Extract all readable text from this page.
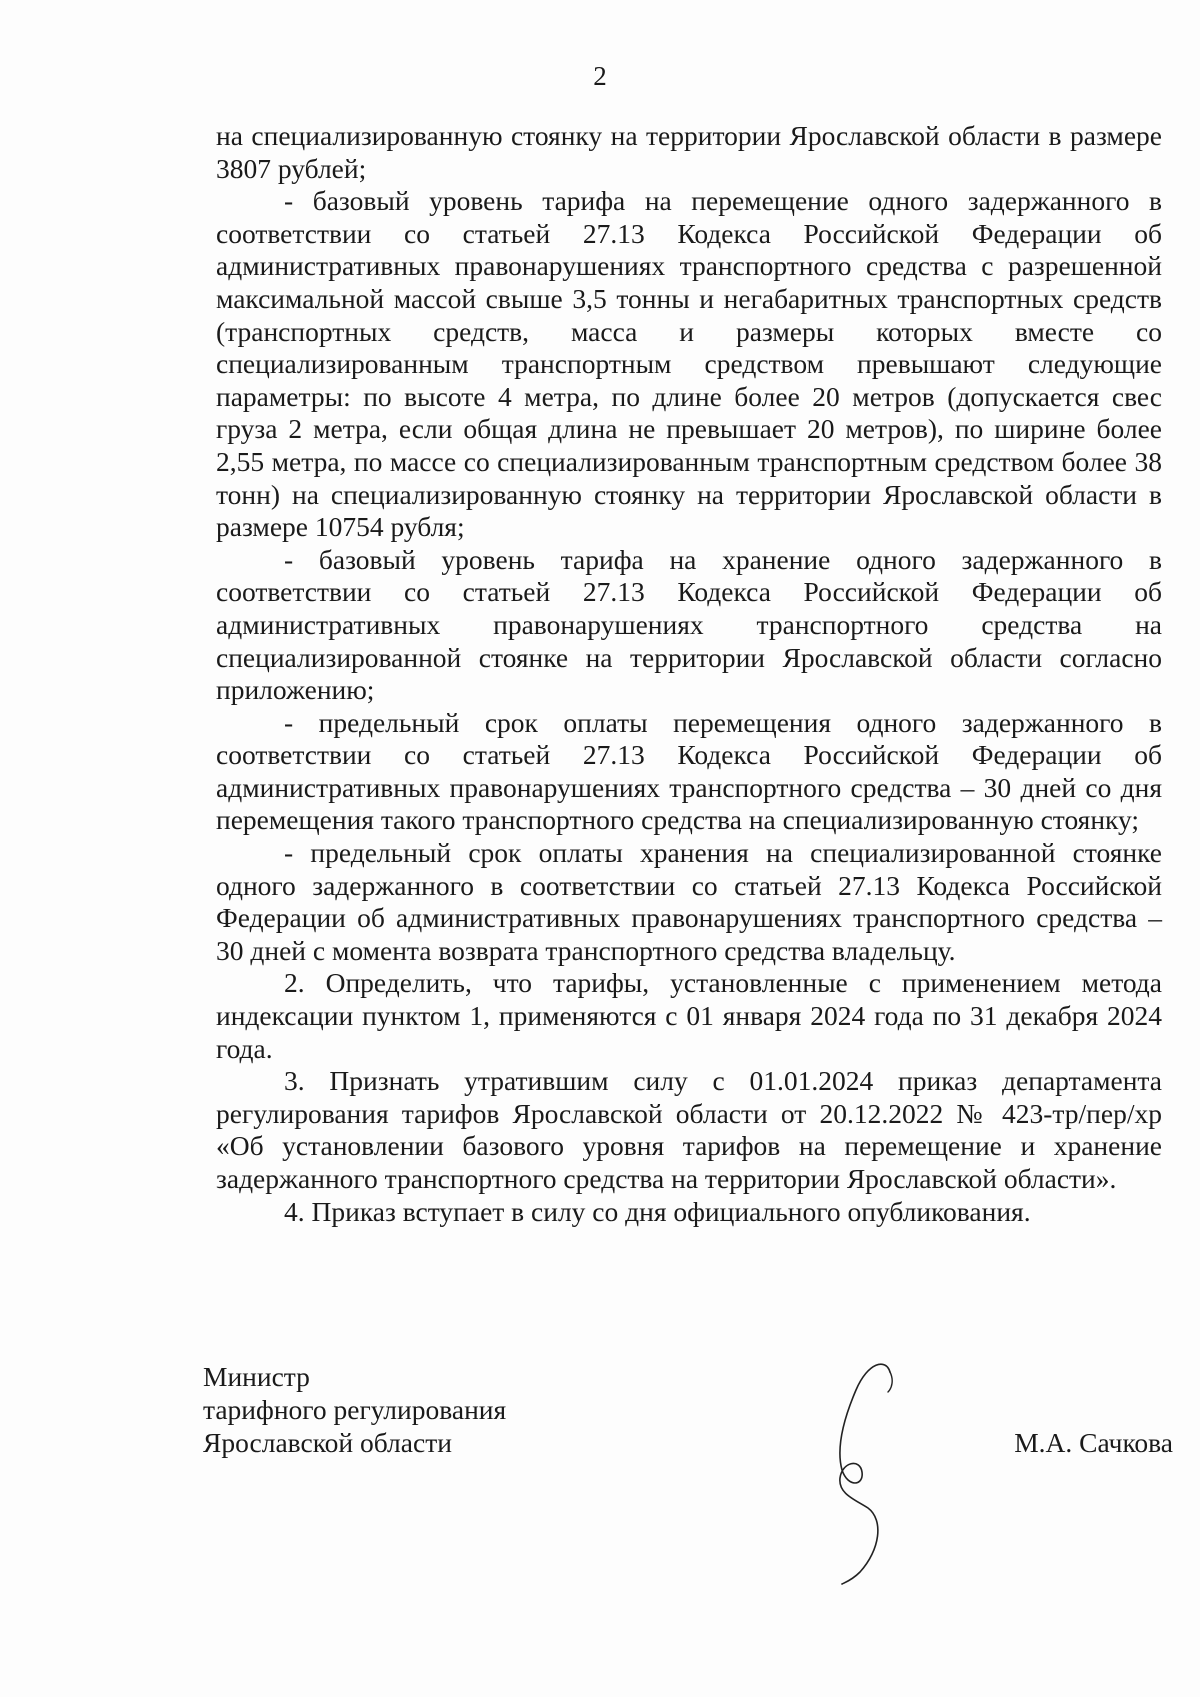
2

на специализированную стоянку на территории Ярославской области в размере 3807 рублей;

- базовый уровень тарифа на перемещение одного задержанного в соответствии со статьей 27.13 Кодекса Российской Федерации об административных правонарушениях транспортного средства с разрешенной максимальной массой свыше 3,5 тонны и негабаритных транспортных средств (транспортных средств, масса и размеры которых вместе со специализированным транспортным средством превышают следующие параметры: по высоте 4 метра, по длине более 20 метров (допускается свес груза 2 метра, если общая длина не превышает 20 метров), по ширине более 2,55 метра, по массе со специализированным транспортным средством более 38 тонн) на специализированную стоянку на территории Ярославской области в размере 10754 рубля;

- базовый уровень тарифа на хранение одного задержанного в соответствии со статьей 27.13 Кодекса Российской Федерации об административных правонарушениях транспортного средства на специализированной стоянке на территории Ярославской области согласно приложению;

- предельный срок оплаты перемещения одного задержанного в соответствии со статьей 27.13 Кодекса Российской Федерации об административных правонарушениях транспортного средства – 30 дней со дня перемещения такого транспортного средства на специализированную стоянку;

- предельный срок оплаты хранения на специализированной стоянке одного задержанного в соответствии со статьей 27.13 Кодекса Российской Федерации об административных правонарушениях транспортного средства – 30 дней с момента возврата транспортного средства владельцу.

2. Определить, что тарифы, установленные с применением метода индексации пунктом 1, применяются с 01 января 2024 года по 31 декабря 2024 года.

3. Признать утратившим силу с 01.01.2024 приказ департамента регулирования тарифов Ярославской области от 20.12.2022 № 423-тр/пер/хр «Об установлении базового уровня тарифов на перемещение и хранение задержанного транспортного средства на территории Ярославской области».

4. Приказ вступает в силу со дня официального опубликования.

Министр
тарифного регулирования
Ярославской области	М.А. Сачкова
